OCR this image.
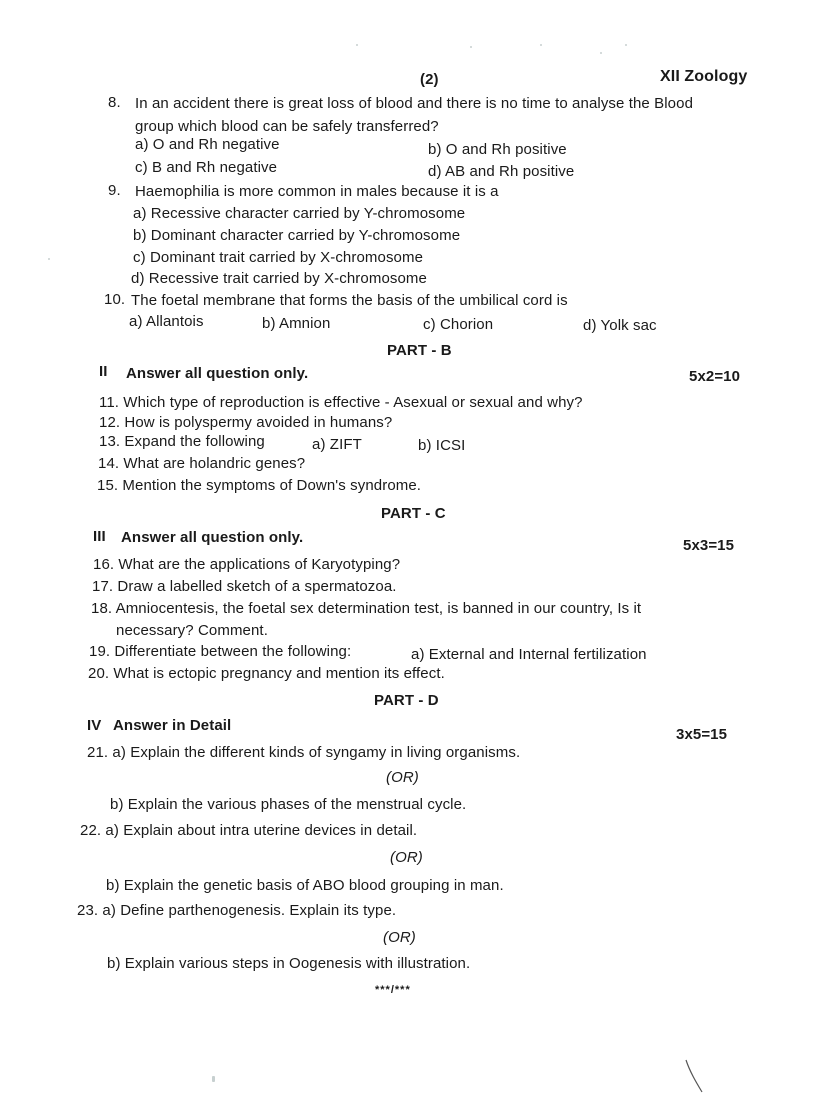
(2)	XII Zoology
8. In an accident there is great loss of blood and there is no time to analyse the Blood
group which blood can be safely transferred?
a) O and Rh negative	b) O and Rh positive
c) B and Rh negative	d) AB and Rh positive
9. Haemophilia is more common in males because it is a
a) Recessive character carried by Y-chromosome
b) Dominant character carried by Y-chromosome
c) Dominant trait carried by X-chromosome
d) Recessive trait carried by X-chromosome
10. The foetal membrane that forms the basis of the umbilical cord is
a) Allantois	b) Amnion	c) Chorion	d) Yolk sac
PART - B
II Answer all question only.	5x2=10
11. Which type of reproduction is effective - Asexual or sexual and why?
12. How is polyspermy avoided in humans?
13. Expand the following	a) ZIFT	b) ICSI
14. What are holandric genes?
15. Mention the symptoms of Down's syndrome.
PART - C
III Answer all question only.	5x3=15
16. What are the applications of Karyotyping?
17. Draw a labelled sketch of a spermatozoa.
18. Amniocentesis, the foetal sex determination test, is banned in our country, Is it
necessary? Comment.
19. Differentiate between the following:	a) External and Internal fertilization
20. What is ectopic pregnancy and mention its effect.
PART - D
IV Answer in Detail
3x5=15
21. a) Explain the different kinds of syngamy in living organisms.
(OR)
b) Explain the various phases of the menstrual cycle.
22. a) Explain about intra uterine devices in detail.
(OR)
b) Explain the genetic basis of ABO blood grouping in man.
23. a) Define parthenogenesis. Explain its type.
(OR)
b) Explain various steps in Oogenesis with illustration.
***/***
